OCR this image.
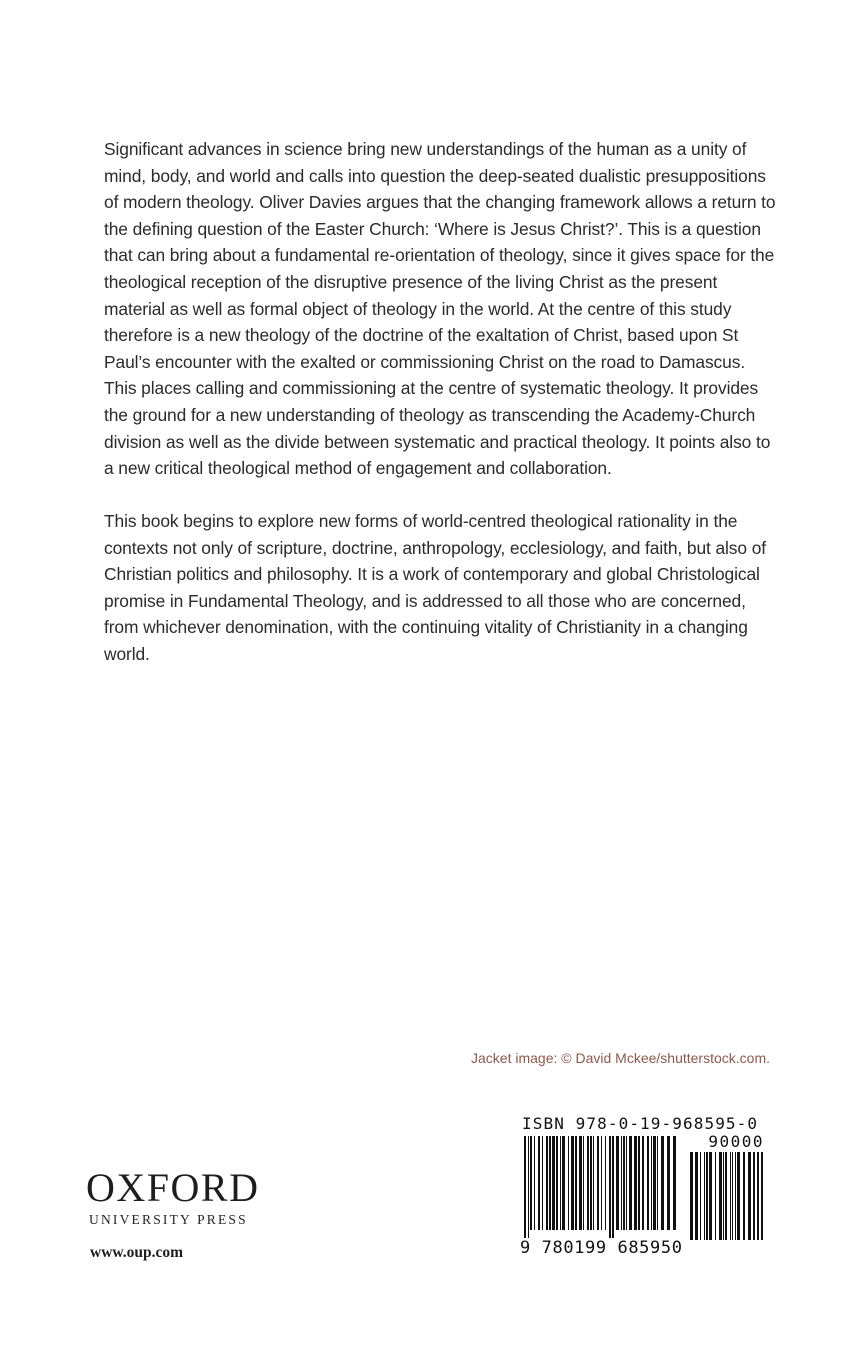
Significant advances in science bring new understandings of the human as a unity of mind, body, and world and calls into question the deep-seated dualistic presuppositions of modern theology. Oliver Davies argues that the changing framework allows a return to the defining question of the Easter Church: ‘Where is Jesus Christ?’. This is a question that can bring about a fundamental re-orientation of theology, since it gives space for the theological reception of the disruptive presence of the living Christ as the present material as well as formal object of theology in the world. At the centre of this study therefore is a new theology of the doctrine of the exaltation of Christ, based upon St Paul’s encounter with the exalted or commissioning Christ on the road to Damascus. This places calling and commissioning at the centre of systematic theology. It provides the ground for a new understanding of theology as transcending the Academy-Church division as well as the divide between systematic and practical theology. It points also to a new critical theological method of engagement and collaboration.

This book begins to explore new forms of world-centred theological rationality in the contexts not only of scripture, doctrine, anthropology, ecclesiology, and faith, but also of Christian politics and philosophy. It is a work of contemporary and global Christological promise in Fundamental Theology, and is addressed to all those who are concerned, from whichever denomination, with the continuing vitality of Christianity in a changing world.

Jacket image: © David Mckee/shutterstock.com.
OXFORD
UNIVERSITY PRESS
www.oup.com
ISBN 978-0-19-968595-0
90000
9 780199 685950
